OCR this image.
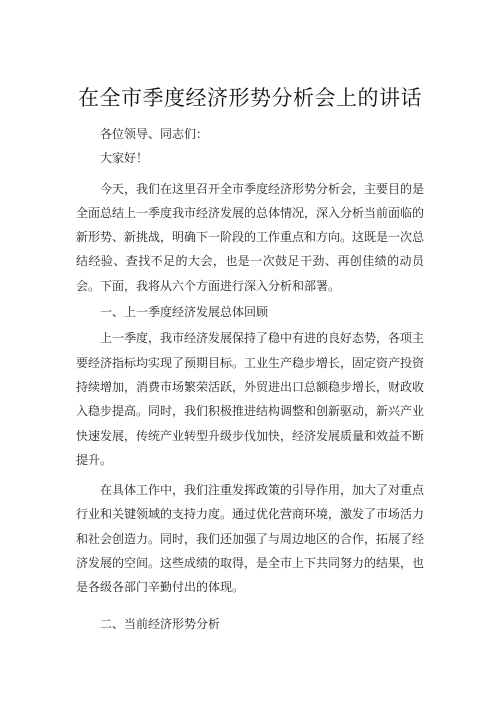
在全市季度经济形势分析会上的讲话

各位领导、同志们：

大家好！

今天，我们在这里召开全市季度经济形势分析会，主要目的是全面总结上一季度我市经济发展的总体情况，深入分析当前面临的新形势、新挑战，明确下一阶段的工作重点和方向。这既是一次总结经验、查找不足的大会，也是一次鼓足干劲、再创佳绩的动员会。下面，我将从六个方面进行深入分析和部署。

一、上一季度经济发展总体回顾

上一季度，我市经济发展保持了稳中有进的良好态势，各项主要经济指标均实现了预期目标。工业生产稳步增长，固定资产投资持续增加，消费市场繁荣活跃，外贸进出口总额稳步增长，财政收入稳步提高。同时，我们积极推进结构调整和创新驱动，新兴产业快速发展，传统产业转型升级步伐加快，经济发展质量和效益不断提升。

在具体工作中，我们注重发挥政策的引导作用，加大了对重点行业和关键领域的支持力度。通过优化营商环境，激发了市场活力和社会创造力。同时，我们还加强了与周边地区的合作，拓展了经济发展的空间。这些成绩的取得，是全市上下共同努力的结果，也是各级各部门辛勤付出的体现。

二、当前经济形势分析
